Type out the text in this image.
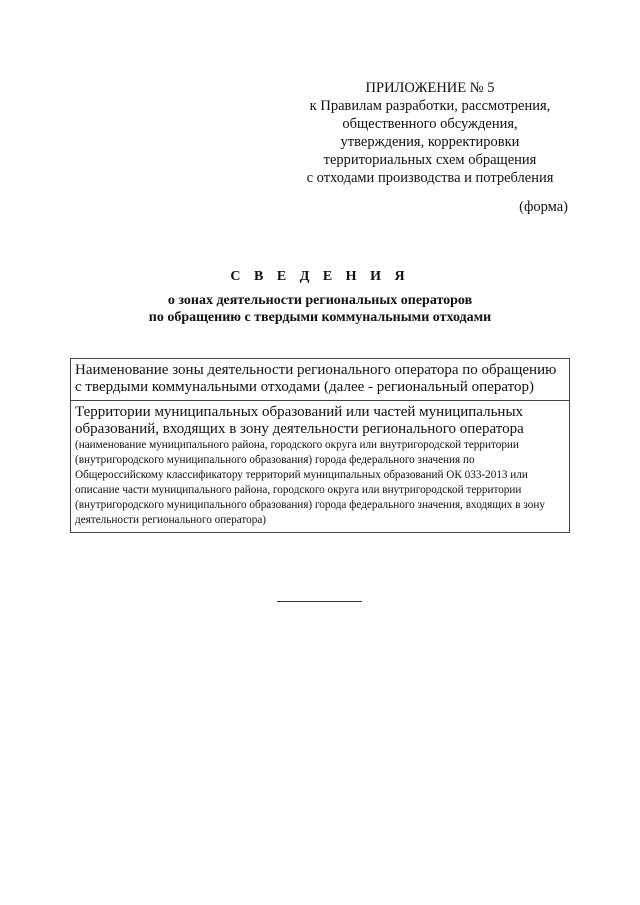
ПРИЛОЖЕНИЕ № 5
к Правилам разработки, рассмотрения,
общественного обсуждения,
утверждения, корректировки
территориальных схем обращения
с отходами производства и потребления
(форма)
С В Е Д Е Н И Я
о зонах деятельности региональных операторов
по обращению с твердыми коммунальными отходами
Наименование зоны деятельности регионального оператора по обращению с твердыми коммунальными отходами (далее - региональный оператор)
Территории муниципальных образований или частей муниципальных образований, входящих в зону деятельности регионального оператора
(наименование муниципального района, городского округа или внутригородской территории (внутригородского муниципального образования) города федерального значения по Общероссийскому классификатору территорий муниципальных образований ОК 033-2013 или описание части муниципального района, городского округа или внутригородской территории (внутригородского муниципального образования) города федерального значения, входящих в зону деятельности регионального оператора)
